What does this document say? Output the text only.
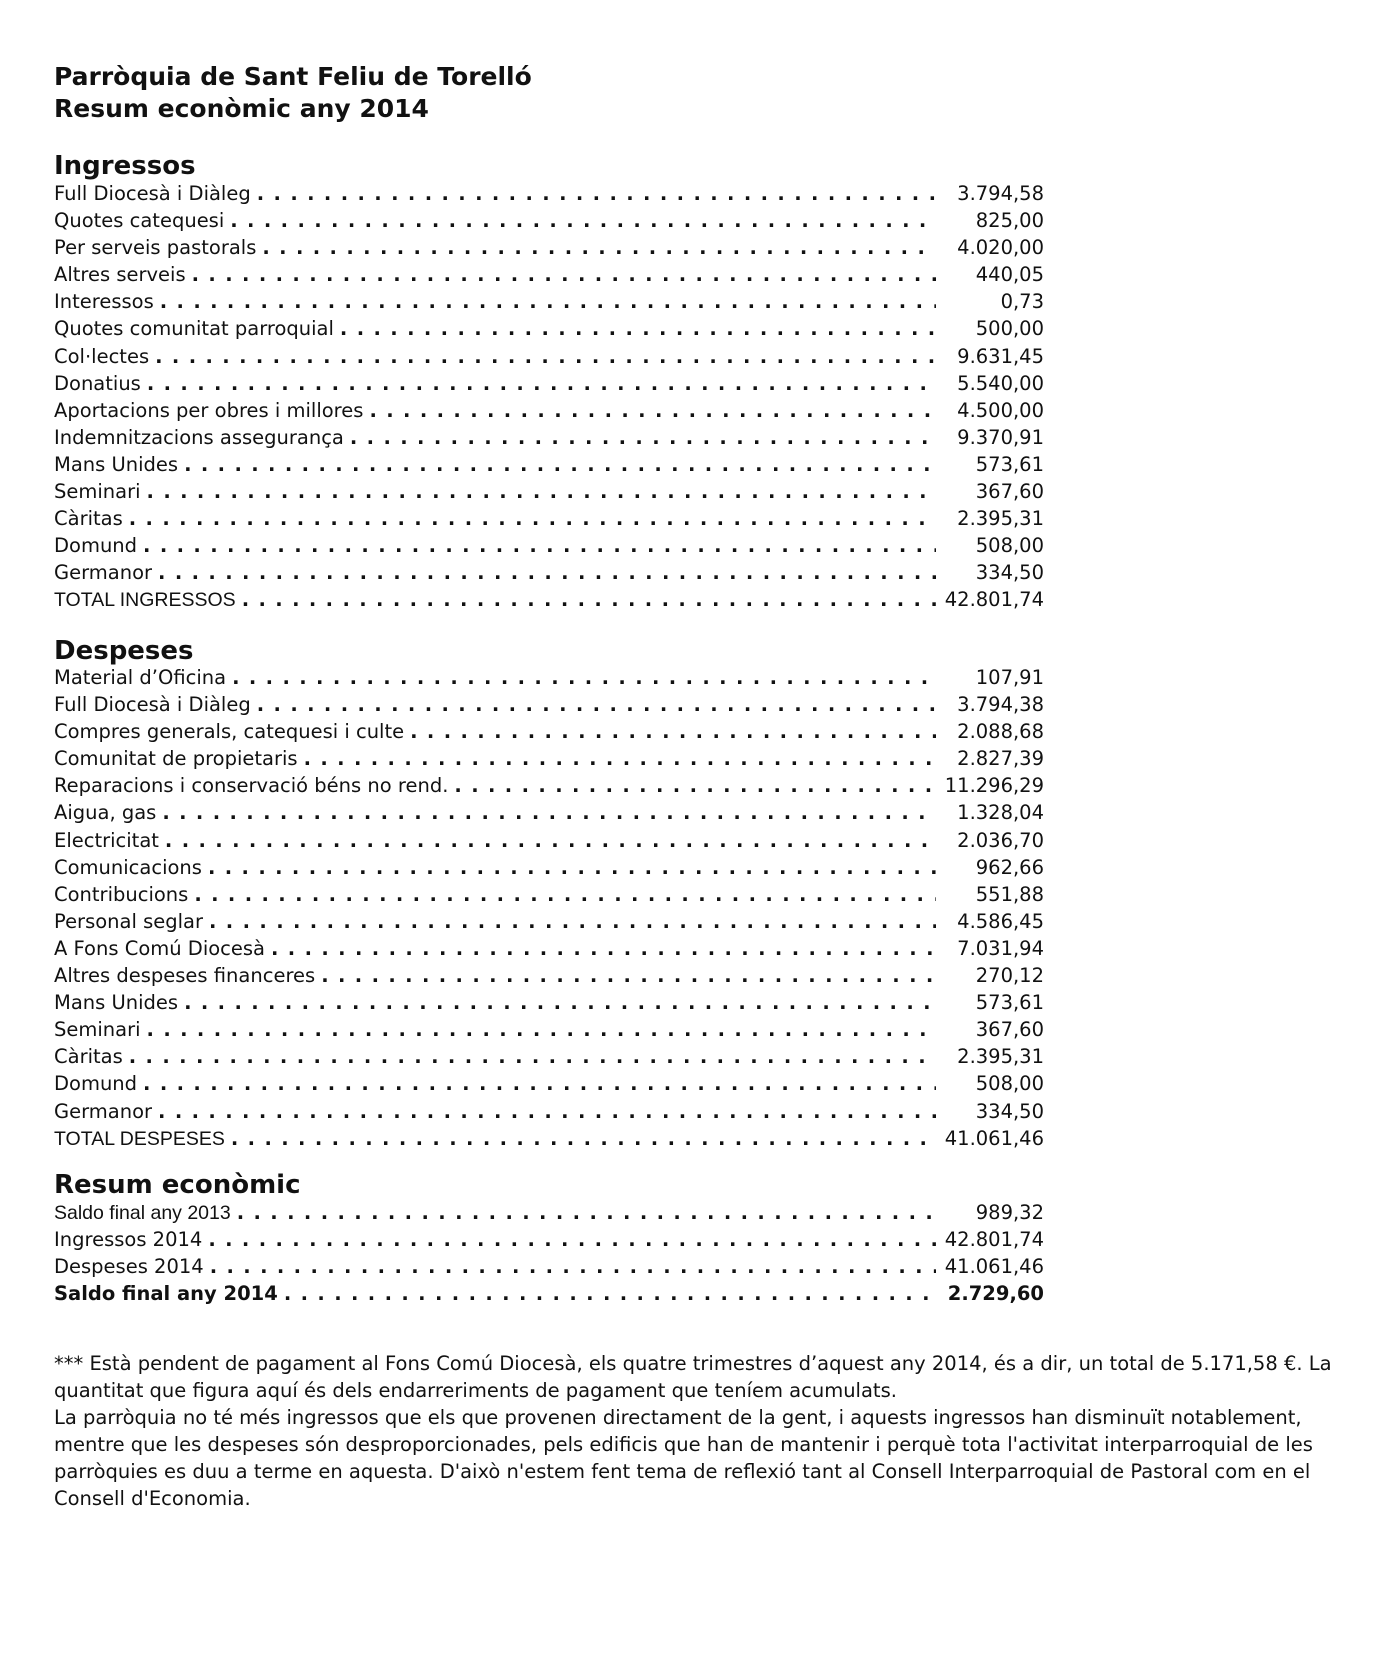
Parròquia de Sant Feliu de Torelló
Resum econòmic any 2014
Ingressos
Full Diocesà i Diàleg . . .	3.794,58
Quotes catequesi . . .	825,00
Per serveis pastorals . . .	4.020,00
Altres serveis . . .	440,05
Interessos . . .	0,73
Quotes comunitat parroquial . . .	500,00
Col·lectes . . .	9.631,45
Donatius . . .	5.540,00
Aportacions per obres i millores . . .	4.500,00
Indemnitzacions assegurança . . .	9.370,91
Mans Unides . . .	573,61
Seminari . . .	367,60
Càritas . . .	2.395,31
Domund . . .	508,00
Germanor . . .	334,50
TOTAL INGRESSOS . . .	42.801,74
Despeses
Material d’Oficina . . .	107,91
Full Diocesà i Diàleg . . .	3.794,38
Compres generals, catequesi i culte . . .	2.088,68
Comunitat de propietaris . . .	2.827,39
Reparacions i conservació béns no rend. . . .	11.296,29
Aigua, gas . . .	1.328,04
Electricitat . . .	2.036,70
Comunicacions . . .	962,66
Contribucions . . .	551,88
Personal seglar . . .	4.586,45
A Fons Comú Diocesà . . .	7.031,94
Altres despeses financeres . . .	270,12
Mans Unides . . .	573,61
Seminari . . .	367,60
Càritas . . .	2.395,31
Domund . . .	508,00
Germanor . . .	334,50
TOTAL DESPESES . . .	41.061,46
Resum econòmic
Saldo final any 2013 . . .	989,32
Ingressos 2014 . . .	42.801,74
Despeses 2014 . . .	41.061,46
Saldo final any 2014 . . .	2.729,60

*** Està pendent de pagament al Fons Comú Diocesà, els quatre trimestres d’aquest any 2014, és a dir, un total de 5.171,58 €. La quantitat que figura aquí és dels endarreriments de pagament que teníem acumulats.

La parròquia no té més ingressos que els que provenen directament de la gent, i aquests ingressos han disminuït notablement, mentre que les despeses són desproporcionades, pels edificis que han de mantenir i perquè tota l'activitat interparroquial de les parròquies es duu a terme en aquesta. D'això n'estem fent tema de reflexió tant al Consell Interparroquial de Pastoral com en el Consell d'Economia.
